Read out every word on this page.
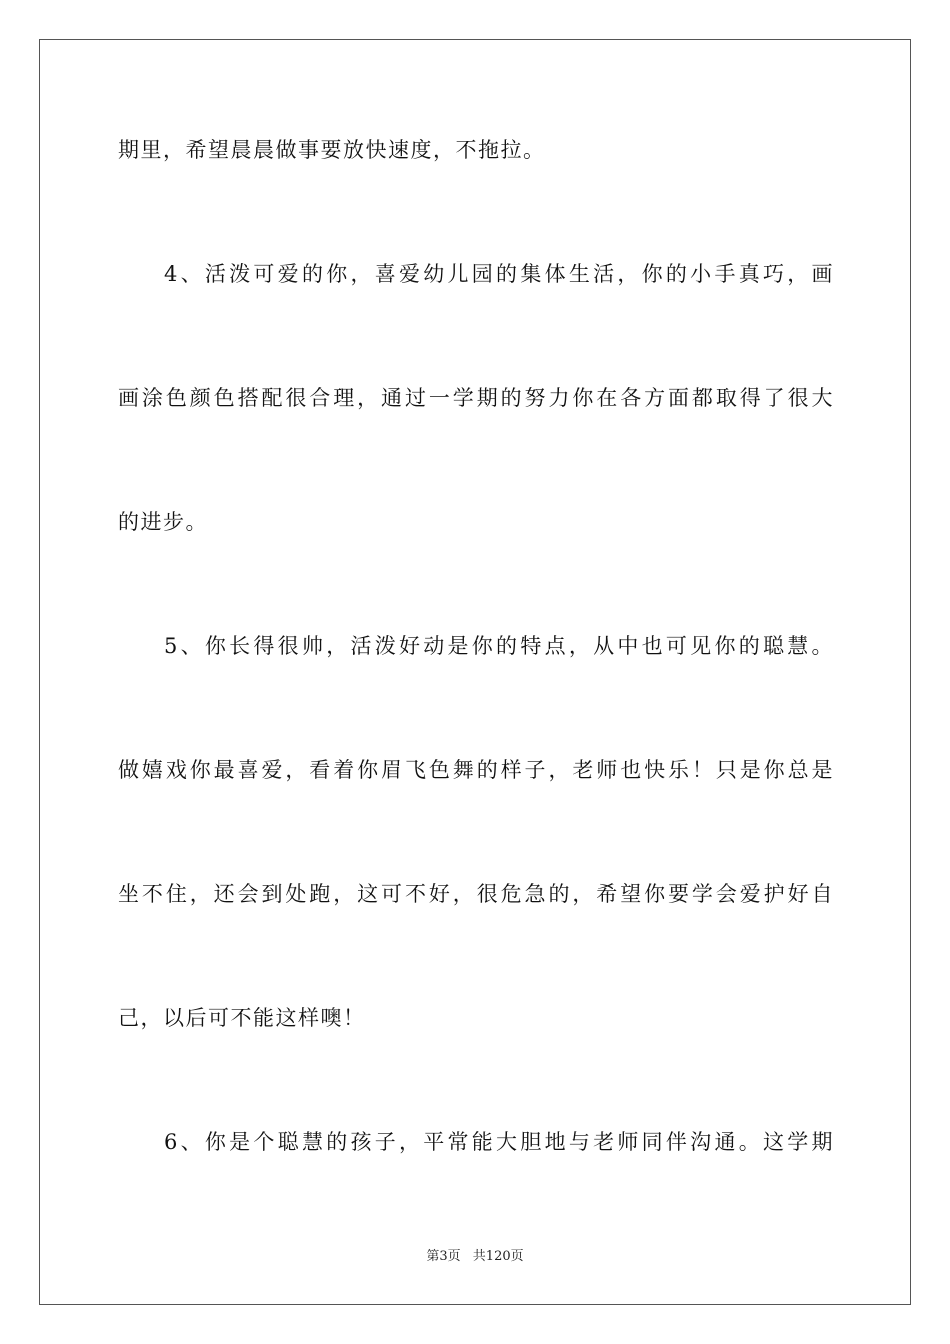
期里，希望晨晨做事要放快速度，不拖拉。
4、活泼可爱的你，喜爱幼儿园的集体生活，你的小手真巧，画
画涂色颜色搭配很合理，通过一学期的努力你在各方面都取得了很大
的进步。
5、你长得很帅，活泼好动是你的特点，从中也可见你的聪慧。
做嬉戏你最喜爱，看着你眉飞色舞的样子，老师也快乐！只是你总是
坐不住，还会到处跑，这可不好，很危急的，希望你要学会爱护好自
己，以后可不能这样噢！
6、你是个聪慧的孩子，平常能大胆地与老师同伴沟通。这学期
第3页 共120页
